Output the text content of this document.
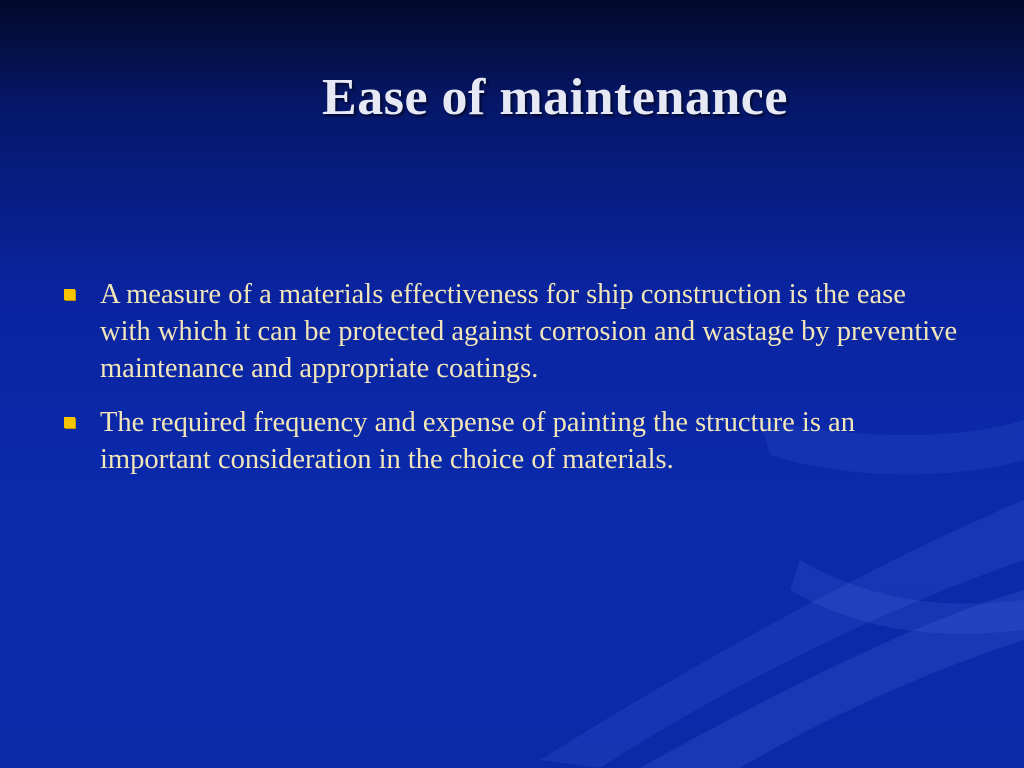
Ease of maintenance
A measure of a materials effectiveness for ship construction is the ease with which it can be protected against corrosion and wastage by preventive maintenance and appropriate coatings.
The required frequency and expense of painting the structure is an important consideration in the choice of materials.
